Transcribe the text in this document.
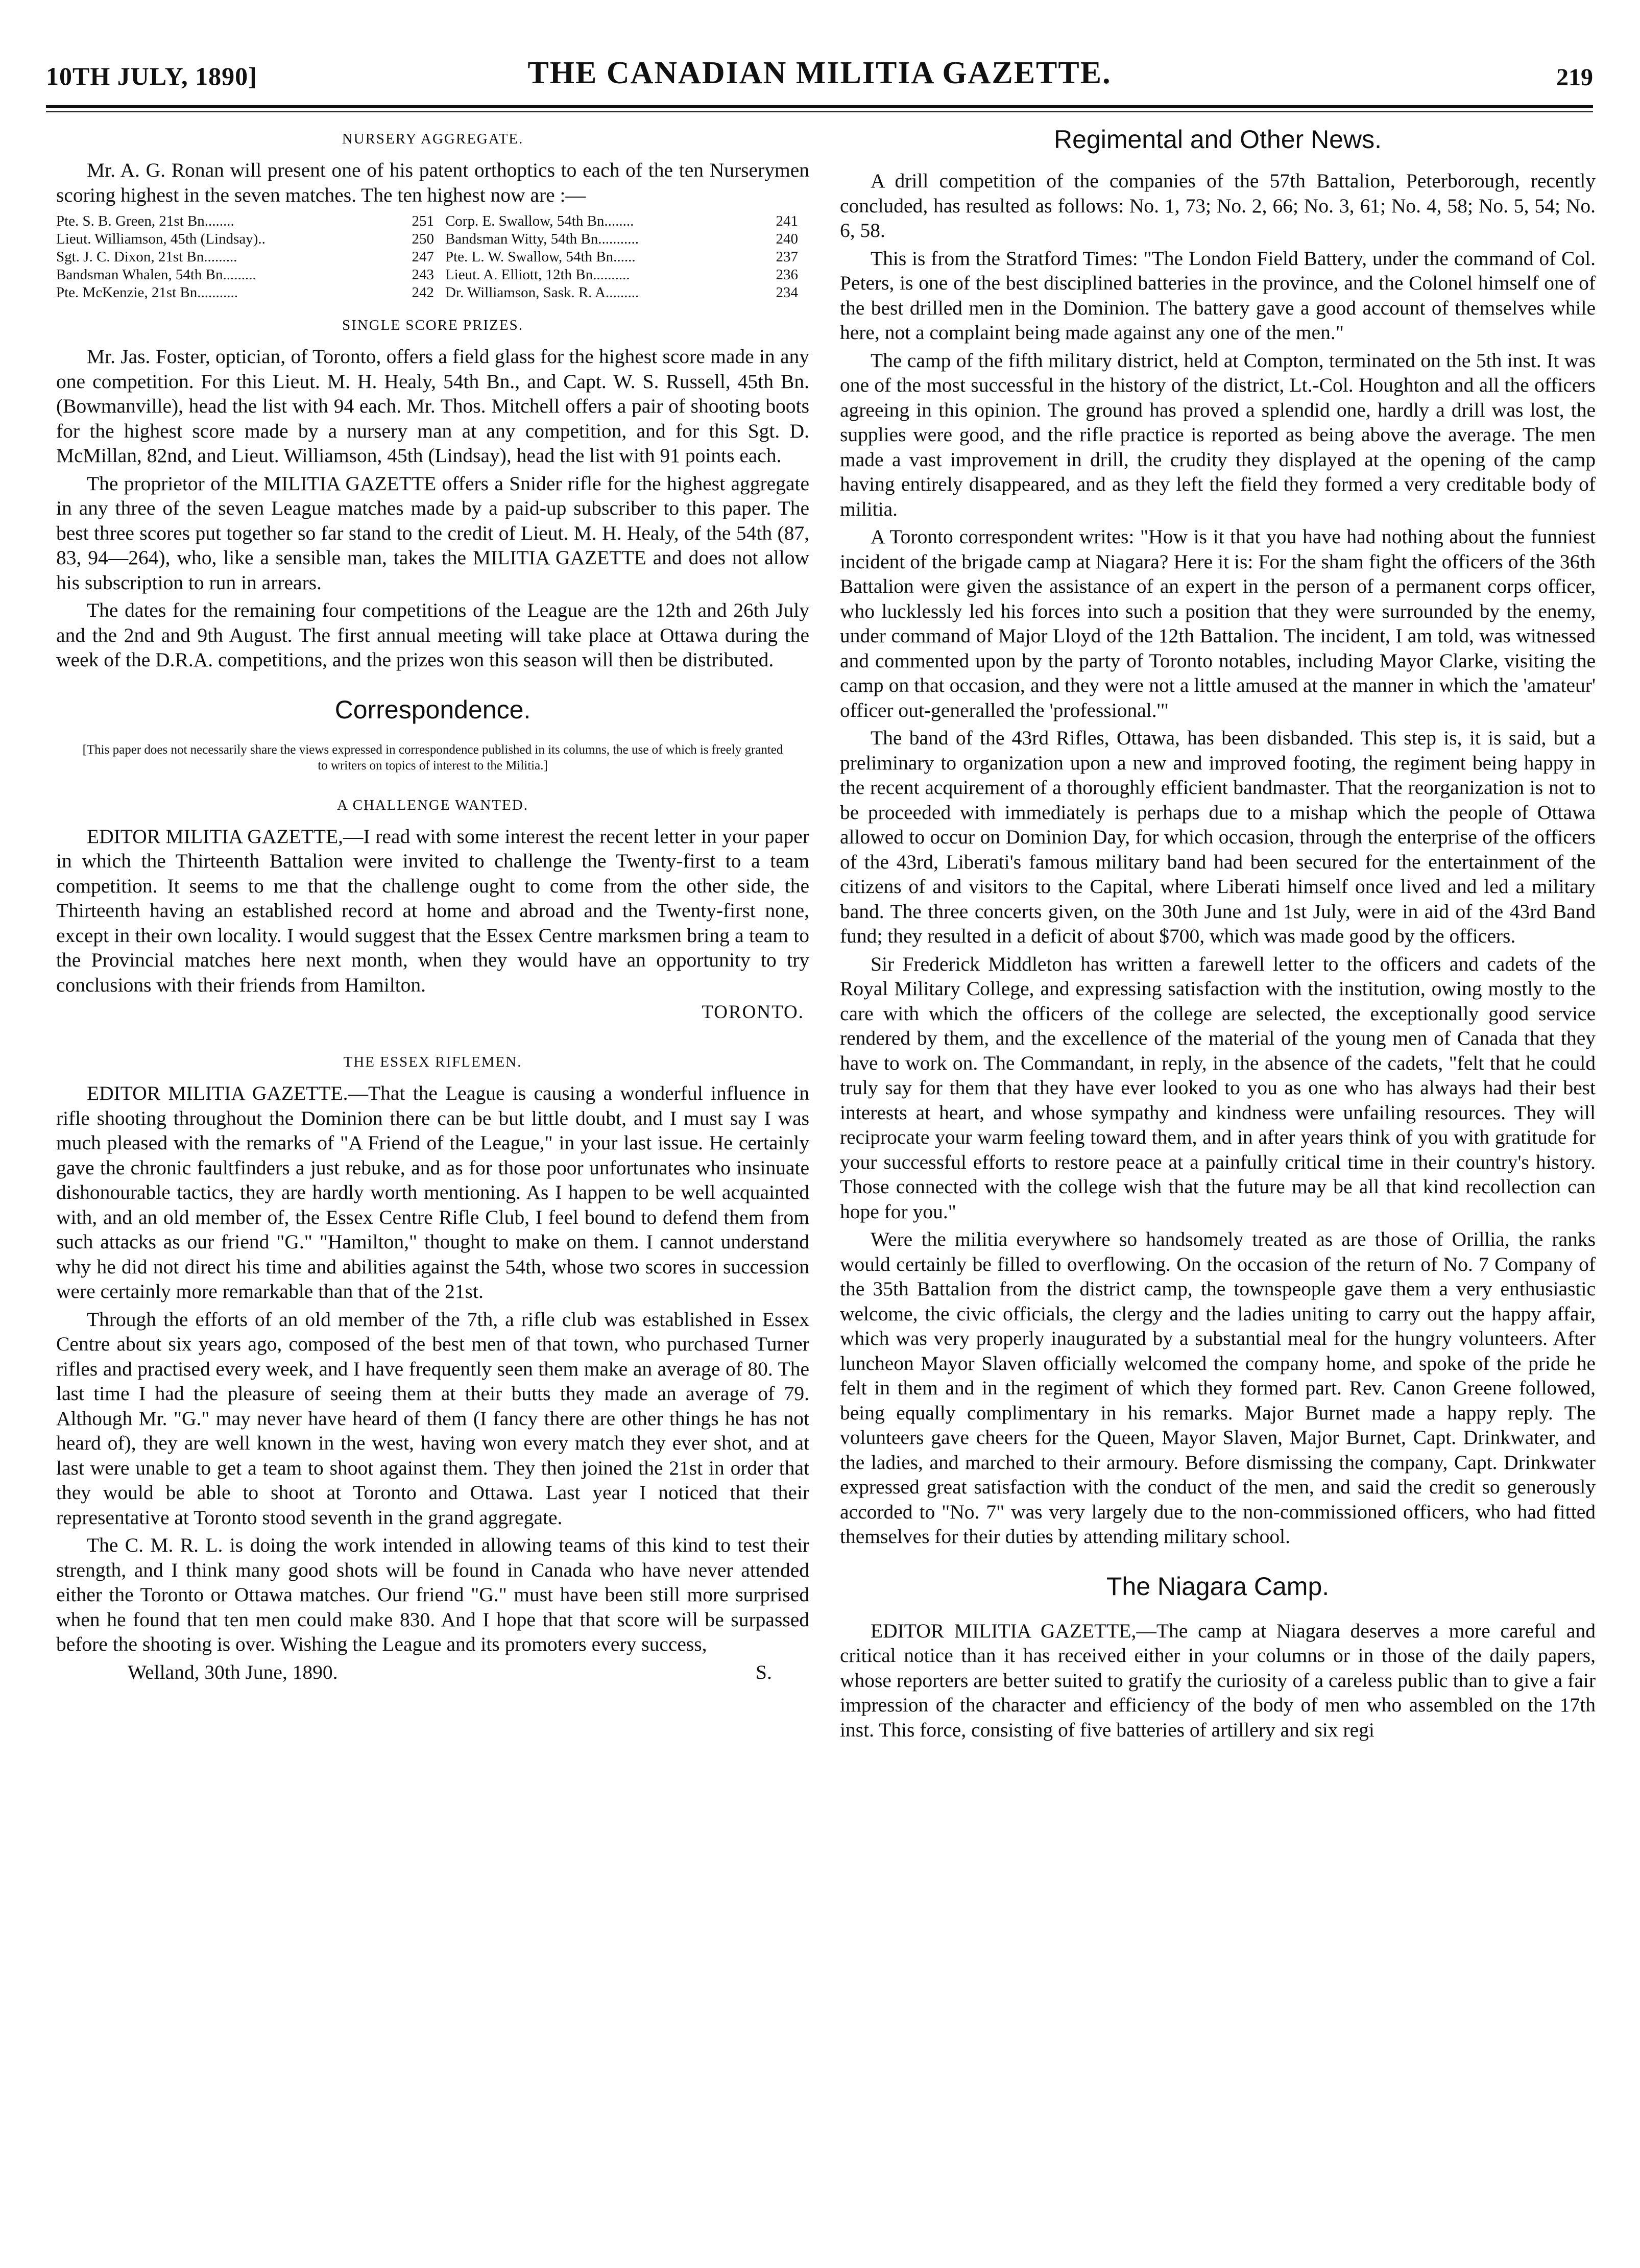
10TH JULY, 1890]	THE CANADIAN MILITIA GAZETTE.	219
NURSERY AGGREGATE.

Mr. A. G. Ronan will present one of his patent orthoptics to each of the ten Nurserymen scoring highest in the seven matches. The ten highest now are :—

Pte. S. B. Green, 21st Bn........	251	Corp. E. Swallow, 54th Bn........	241
Lieut. Williamson, 45th (Lindsay)..	250	Bandsman Witty, 54th Bn...........	240
Sgt. J. C. Dixon, 21st Bn.........	247	Pte. L. W. Swallow, 54th Bn......	237
Bandsman Whalen, 54th Bn.........	243	Lieut. A. Elliott, 12th Bn..........	236
Pte. McKenzie, 21st Bn...........	242	Dr. Williamson, Sask. R. A.........	234
SINGLE SCORE PRIZES.

Mr. Jas. Foster, optician, of Toronto, offers a field glass for the highest score made in any one competition. For this Lieut. M. H. Healy, 54th Bn., and Capt. W. S. Russell, 45th Bn. (Bowmanville), head the list with 94 each. Mr. Thos. Mitchell offers a pair of shooting boots for the highest score made by a nursery man at any competition, and for this Sgt. D. McMillan, 82nd, and Lieut. Williamson, 45th (Lindsay), head the list with 91 points each.

The proprietor of the MILITIA GAZETTE offers a Snider rifle for the highest aggregate in any three of the seven League matches made by a paid-up subscriber to this paper. The best three scores put together so far stand to the credit of Lieut. M. H. Healy, of the 54th (87, 83, 94—264), who, like a sensible man, takes the MILITIA GAZETTE and does not allow his subscription to run in arrears.

The dates for the remaining four competitions of the League are the 12th and 26th July and the 2nd and 9th August. The first annual meeting will take place at Ottawa during the week of the D.R.A. competitions, and the prizes won this season will then be distributed.

Correspondence.
[This paper does not necessarily share the views expressed in correspondence published in its columns, the use of which is freely granted to writers on topics of interest to the Militia.]
A CHALLENGE WANTED.

EDITOR MILITIA GAZETTE,—I read with some interest the recent letter in your paper in which the Thirteenth Battalion were invited to challenge the Twenty-first to a team competition. It seems to me that the challenge ought to come from the other side, the Thirteenth having an established record at home and abroad and the Twenty-first none, except in their own locality. I would suggest that the Essex Centre marksmen bring a team to the Provincial matches here next month, when they would have an opportunity to try conclusions with their friends from Hamilton.

TORONTO.
THE ESSEX RIFLEMEN.

EDITOR MILITIA GAZETTE.—That the League is causing a wonderful influence in rifle shooting throughout the Dominion there can be but little doubt, and I must say I was much pleased with the remarks of "A Friend of the League," in your last issue. He certainly gave the chronic faultfinders a just rebuke, and as for those poor unfortunates who insinuate dishonourable tactics, they are hardly worth mentioning. As I happen to be well acquainted with, and an old member of, the Essex Centre Rifle Club, I feel bound to defend them from such attacks as our friend "G." "Hamilton," thought to make on them. I cannot understand why he did not direct his time and abilities against the 54th, whose two scores in succession were certainly more remarkable than that of the 21st.

Through the efforts of an old member of the 7th, a rifle club was established in Essex Centre about six years ago, composed of the best men of that town, who purchased Turner rifles and practised every week, and I have frequently seen them make an average of 80. The last time I had the pleasure of seeing them at their butts they made an average of 79. Although Mr. "G." may never have heard of them (I fancy there are other things he has not heard of), they are well known in the west, having won every match they ever shot, and at last were unable to get a team to shoot against them. They then joined the 21st in order that they would be able to shoot at Toronto and Ottawa. Last year I noticed that their representative at Toronto stood seventh in the grand aggregate.

The C. M. R. L. is doing the work intended in allowing teams of this kind to test their strength, and I think many good shots will be found in Canada who have never attended either the Toronto or Ottawa matches. Our friend "G." must have been still more surprised when he found that ten men could make 830. And I hope that that score will be surpassed before the shooting is over. Wishing the League and its promoters every success,

Welland, 30th June, 1890.	S.
Regimental and Other News.

A drill competition of the companies of the 57th Battalion, Peterborough, recently concluded, has resulted as follows: No. 1, 73; No. 2, 66; No. 3, 61; No. 4, 58; No. 5, 54; No. 6, 58.

This is from the Stratford Times: "The London Field Battery, under the command of Col. Peters, is one of the best disciplined batteries in the province, and the Colonel himself one of the best drilled men in the Dominion. The battery gave a good account of themselves while here, not a complaint being made against any one of the men."

The camp of the fifth military district, held at Compton, terminated on the 5th inst. It was one of the most successful in the history of the district, Lt.-Col. Houghton and all the officers agreeing in this opinion. The ground has proved a splendid one, hardly a drill was lost, the supplies were good, and the rifle practice is reported as being above the average. The men made a vast improvement in drill, the crudity they displayed at the opening of the camp having entirely disappeared, and as they left the field they formed a very creditable body of militia.

A Toronto correspondent writes: "How is it that you have had nothing about the funniest incident of the brigade camp at Niagara? Here it is: For the sham fight the officers of the 36th Battalion were given the assistance of an expert in the person of a permanent corps officer, who lucklessly led his forces into such a position that they were surrounded by the enemy, under command of Major Lloyd of the 12th Battalion. The incident, I am told, was witnessed and commented upon by the party of Toronto notables, including Mayor Clarke, visiting the camp on that occasion, and they were not a little amused at the manner in which the 'amateur' officer out-generalled the 'professional.'"

The band of the 43rd Rifles, Ottawa, has been disbanded. This step is, it is said, but a preliminary to organization upon a new and improved footing, the regiment being happy in the recent acquirement of a thoroughly efficient bandmaster. That the reorganization is not to be proceeded with immediately is perhaps due to a mishap which the people of Ottawa allowed to occur on Dominion Day, for which occasion, through the enterprise of the officers of the 43rd, Liberati's famous military band had been secured for the entertainment of the citizens of and visitors to the Capital, where Liberati himself once lived and led a military band. The three concerts given, on the 30th June and 1st July, were in aid of the 43rd Band fund; they resulted in a deficit of about $700, which was made good by the officers.

Sir Frederick Middleton has written a farewell letter to the officers and cadets of the Royal Military College, and expressing satisfaction with the institution, owing mostly to the care with which the officers of the college are selected, the exceptionally good service rendered by them, and the excellence of the material of the young men of Canada that they have to work on. The Commandant, in reply, in the absence of the cadets, "felt that he could truly say for them that they have ever looked to you as one who has always had their best interests at heart, and whose sympathy and kindness were unfailing resources. They will reciprocate your warm feeling toward them, and in after years think of you with gratitude for your successful efforts to restore peace at a painfully critical time in their country's history. Those connected with the college wish that the future may be all that kind recollection can hope for you."

Were the militia everywhere so handsomely treated as are those of Orillia, the ranks would certainly be filled to overflowing. On the occasion of the return of No. 7 Company of the 35th Battalion from the district camp, the townspeople gave them a very enthusiastic welcome, the civic officials, the clergy and the ladies uniting to carry out the happy affair, which was very properly inaugurated by a substantial meal for the hungry volunteers. After luncheon Mayor Slaven officially welcomed the company home, and spoke of the pride he felt in them and in the regiment of which they formed part. Rev. Canon Greene followed, being equally complimentary in his remarks. Major Burnet made a happy reply. The volunteers gave cheers for the Queen, Mayor Slaven, Major Burnet, Capt. Drinkwater, and the ladies, and marched to their armoury. Before dismissing the company, Capt. Drinkwater expressed great satisfaction with the conduct of the men, and said the credit so generously accorded to "No. 7" was very largely due to the non-commissioned officers, who had fitted themselves for their duties by attending military school.

The Niagara Camp.

EDITOR MILITIA GAZETTE,—The camp at Niagara deserves a more careful and critical notice than it has received either in your columns or in those of the daily papers, whose reporters are better suited to gratify the curiosity of a careless public than to give a fair impression of the character and efficiency of the body of men who assembled on the 17th inst. This force, consisting of five batteries of artillery and six regi
